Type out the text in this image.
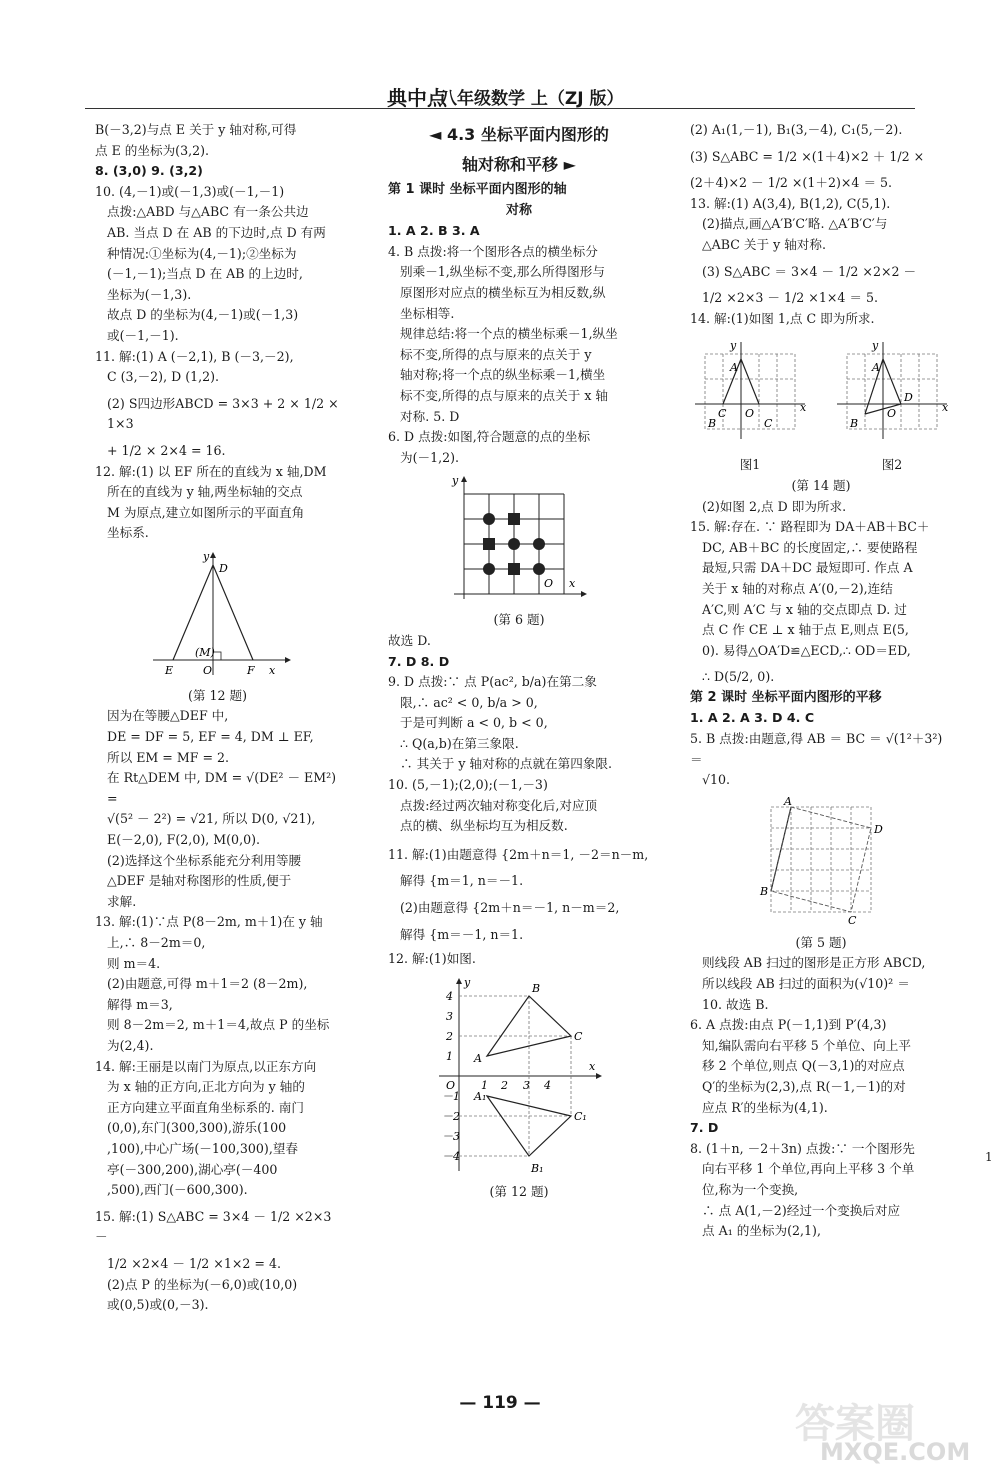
典中点
八年级数学 上（ZJ 版）

B(－3,2)与点 E 关于 y 轴对称,可得

点 E 的坐标为(3,2).

8. (3,0) 9. (3,2)

10. (4,－1)或(－1,3)或(－1,－1)

点拨:△ABD 与△ABC 有一条公共边

AB. 当点 D 在 AB 的下边时,点 D 有两

种情况:①坐标为(4,－1);②坐标为

(－1,－1);当点 D 在 AB 的上边时,

坐标为(－1,3).

故点 D 的坐标为(4,－1)或(－1,3)

或(－1,－1).

11. 解:(1) A (－2,1), B (－3,－2),

C (3,－2), D (1,2).

(2) S四边形ABCD = 3×3 + 2 × 1/2 × 1×3

+ 1/2 × 2×4 = 16.

12. 解:(1) 以 EF 所在的直线为 x 轴,DM

所在的直线为 y 轴,两坐标轴的交点

M 为原点,建立如图所示的平面直角

坐标系.

y
D
E	O	F x
(M)

(第 12 题)

因为在等腰△DEF 中,

DE = DF = 5, EF = 4, DM ⊥ EF,

所以 EM = MF = 2.

在 Rt△DEM 中, DM = √(DE² － EM²) =

√(5² － 2²) = √21, 所以 D(0, √21),

E(－2,0), F(2,0), M(0,0).

(2)选择这个坐标系能充分利用等腰

△DEF 是轴对称图形的性质,便于

求解.

13. 解:(1)∵点 P(8－2m, m＋1)在 y 轴

上,∴ 8－2m＝0,

则 m＝4.

(2)由题意,可得 m＋1＝2 (8－2m),

解得 m＝3,

则 8－2m＝2, m＋1＝4,故点 P 的坐标

为(2,4).

14. 解:王丽是以南门为原点,以正东方向

为 x 轴的正方向,正北方向为 y 轴的

正方向建立平面直角坐标系的. 南门

(0,0),东门(300,300),游乐(100

,100),中心广场(－100,300),望春

亭(－300,200),湖心亭(－400

,500),西门(－600,300).

15. 解:(1) S△ABC = 3×4 － 1/2 ×2×3－

1/2 ×2×4 － 1/2 ×1×2 = 4.

(2)点 P 的坐标为(－6,0)或(10,0)

或(0,5)或(0,－3).

◄ 4.3 坐标平面内图形的

轴对称和平移 ►

第 1 课时 坐标平面内图形的轴

对称

1. A 2. B 3. A

4. B 点拨:将一个图形各点的横坐标分

别乘－1,纵坐标不变,那么所得图形与

原图形对应点的横坐标互为相反数,纵

坐标相等.

规律总结:将一个点的横坐标乘－1,纵坐

标不变,所得的点与原来的点关于 y

轴对称;将一个点的纵坐标乘－1,横坐

标不变,所得的点与原来的点关于 x 轴

对称. 5. D

6. D 点拨:如图,符合题意的点的坐标

为(－1,2).

y
x
O

(第 6 题)

故选 D.

7. D 8. D

9. D 点拨:∵ 点 P(ac², b/a)在第二象

限,∴ ac² < 0, b/a > 0,

于是可判断 a < 0, b < 0,

∴ Q(a,b)在第三象限.

∴ 其关于 y 轴对称的点就在第四象限.

10. (5,－1);(2,0);(－1,－3)

点拨:经过两次轴对称变化后,对应顶

点的横、纵坐标均互为相反数.

11. 解:(1)由题意得 {2m＋n＝1, －2＝n－m,

解得 {m＝1, n＝－1.

(2)由题意得 {2m＋n＝－1, n－m＝2,

解得 {m＝－1, n＝1.

12. 解:(1)如图.

4
2
3
1
－1
－2
－3
－4
O 1 2 3 4
B
C
A
A₁
C₁
B₁
y
x

(第 12 题)

(2) A₁(1,－1), B₁(3,－4), C₁(5,－2).

(3) S△ABC = 1/2 ×(1＋4)×2 ＋ 1/2 ×

(2＋4)×2 － 1/2 ×(1＋2)×4 ＝ 5.

13. 解:(1) A(3,4), B(1,2), C(5,1).

(2)描点,画△A′B′C′略. △A′B′C′与

△ABC 关于 y 轴对称.

(3) S△ABC ＝ 3×4 － 1/2 ×2×2 －

1/2 ×2×3 － 1/2 ×1×4 ＝ 5.

14. 解:(1)如图 1,点 C 即为所求.

y
x
A
C O
B	C

图1

y
x
A
D
O
B

图2

(第 14 题)

(2)如图 2,点 D 即为所求.

15. 解:存在. ∵ 路程即为 DA＋AB＋BC＋

DC, AB＋BC 的长度固定,∴ 要使路程

最短,只需 DA＋DC 最短即可. 作点 A

关于 x 轴的对称点 A′(0,－2),连结

A′C,则 A′C 与 x 轴的交点即点 D. 过

点 C 作 CE ⊥ x 轴于点 E,则点 E(5,

0). 易得△OA′D≌△ECD,∴ OD＝ED,

∴ D(5/2, 0).

第 2 课时 坐标平面内图形的平移

1. A 2. A 3. D 4. C

5. B 点拨:由题意,得 AB ＝ BC ＝ √(1²＋3²) ＝

√10.

A
D
B
C

(第 5 题)

则线段 AB 扫过的图形是正方形 ABCD,

所以线段 AB 扫过的面积为(√10)² ＝

10. 故选 B.

6. A 点拨:由点 P(－1,1)到 P′(4,3)

知,编队需向右平移 5 个单位、向上平

移 2 个单位,则点 Q(－3,1)的对应点

Q′的坐标为(2,3),点 R(－1,－1)的对

应点 R′的坐标为(4,1).

7. D

8. (1＋n, －2＋3n) 点拨:∵ 一个图形先

向右平移 1 个单位,再向上平移 3 个单

位,称为一个变换,

∴ 点 A(1,－2)经过一个变换后对应

点 A₁ 的坐标为(2,1),

1
— 119 —	答案圈
MXQE.COM
